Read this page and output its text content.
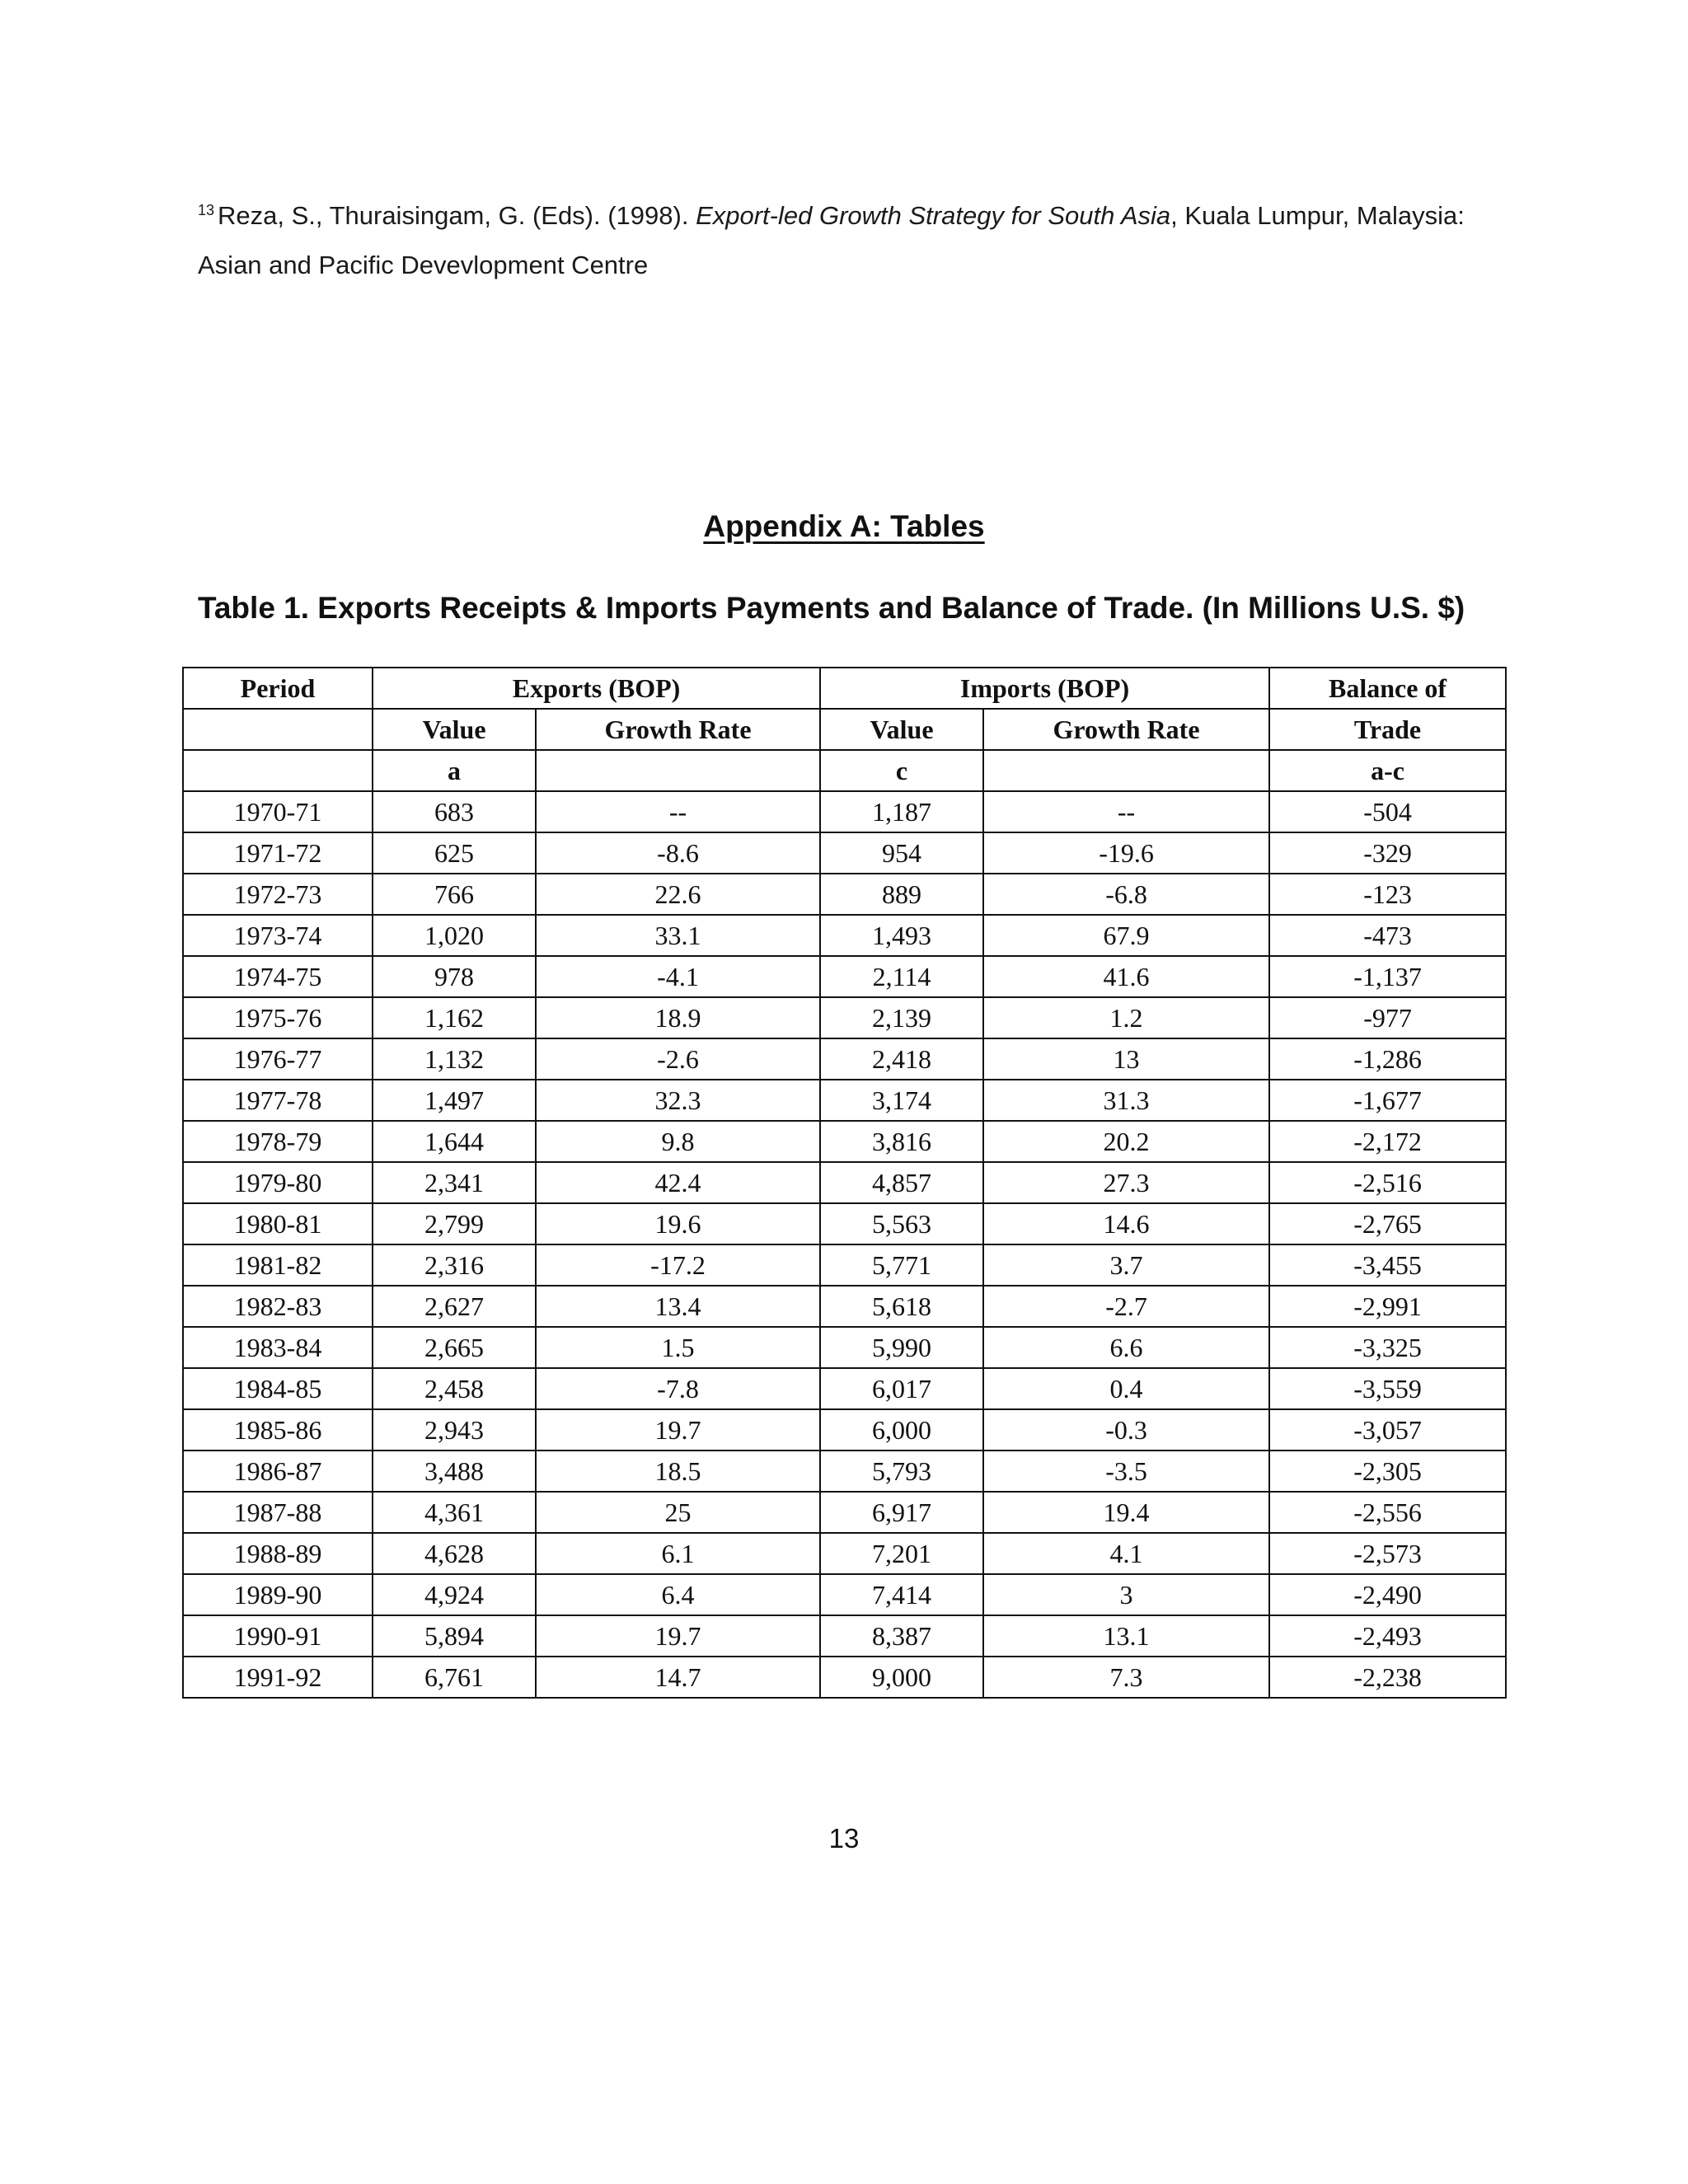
$^{13}$ Reza, S., Thuraisingam, G. (Eds). (1998). Export-led Growth Strategy for South Asia, Kuala Lumpur, Malaysia:
Asian and Pacific Devevlopment Centre
Appendix A: Tables
Table 1. Exports Receipts & Imports Payments and Balance of Trade. (In Millions U.S. $)
Period	Exports (BOP)		Imports (BOP)		Balance of
	Value	Growth Rate	Value	Growth Rate	Trade
	a		c		a-c
1970-71	683	--	1,187	--	-504
1971-72	625	-8.6	954	-19.6	-329
1972-73	766	22.6	889	-6.8	-123
1973-74	1,020	33.1	1,493	67.9	-473
1974-75	978	-4.1	2,114	41.6	-1,137
1975-76	1,162	18.9	2,139	1.2	-977
1976-77	1,132	-2.6	2,418	13	-1,286
1977-78	1,497	32.3	3,174	31.3	-1,677
1978-79	1,644	9.8	3,816	20.2	-2,172
1979-80	2,341	42.4	4,857	27.3	-2,516
1980-81	2,799	19.6	5,563	14.6	-2,765
1981-82	2,316	-17.2	5,771	3.7	-3,455
1982-83	2,627	13.4	5,618	-2.7	-2,991
1983-84	2,665	1.5	5,990	6.6	-3,325
1984-85	2,458	-7.8	6,017	0.4	-3,559
1985-86	2,943	19.7	6,000	-0.3	-3,057
1986-87	3,488	18.5	5,793	-3.5	-2,305
1987-88	4,361	25	6,917	19.4	-2,556
1988-89	4,628	6.1	7,201	4.1	-2,573
1989-90	4,924	6.4	7,414	3	-2,490
1990-91	5,894	19.7	8,387	13.1	-2,493
1991-92	6,761	14.7	9,000	7.3	-2,238
13
